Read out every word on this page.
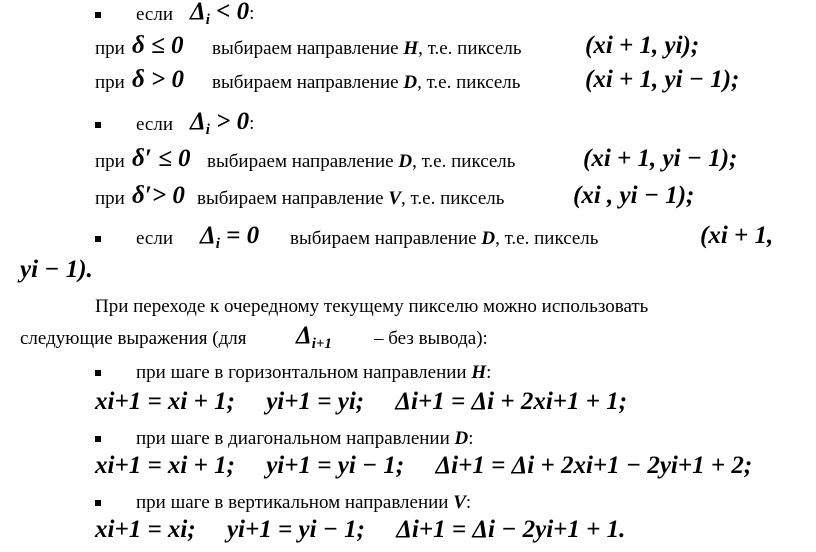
если $\Delta_i < 0$:
при δ ≤ 0 выбираем направление H, т.е. пиксель	(xi + 1, yi);
при δ > 0 выбираем направление D, т.е. пиксель	(xi + 1, yi − 1);
если $\Delta_i > 0$:
при δ′ ≤ 0 выбираем направление D, т.е. пиксель	(xi + 1, yi − 1);
при δ′> 0 выбираем направление V, т.е. пиксель	(xi , yi − 1);
если $\Delta_i = 0$ выбираем направление D, т.е. пиксель	(xi + 1,
yi − 1).
При переходе к очередному текущему пикселю можно использовать
следующие выражения (для $\Delta_{i+1}$ – без вывода):
при шаге в горизонтальном направлении H:
xi+1 = xi + 1;     yi+1 = yi;     Δi+1 = Δi + 2xi+1 + 1;
при шаге в диагональном направлении D:
xi+1 = xi + 1;     yi+1 = yi − 1;     Δi+1 = Δi + 2xi+1 − 2yi+1 + 2;
при шаге в вертикальном направлении V:
xi+1 = xi;     yi+1 = yi − 1;     Δi+1 = Δi − 2yi+1 + 1.
